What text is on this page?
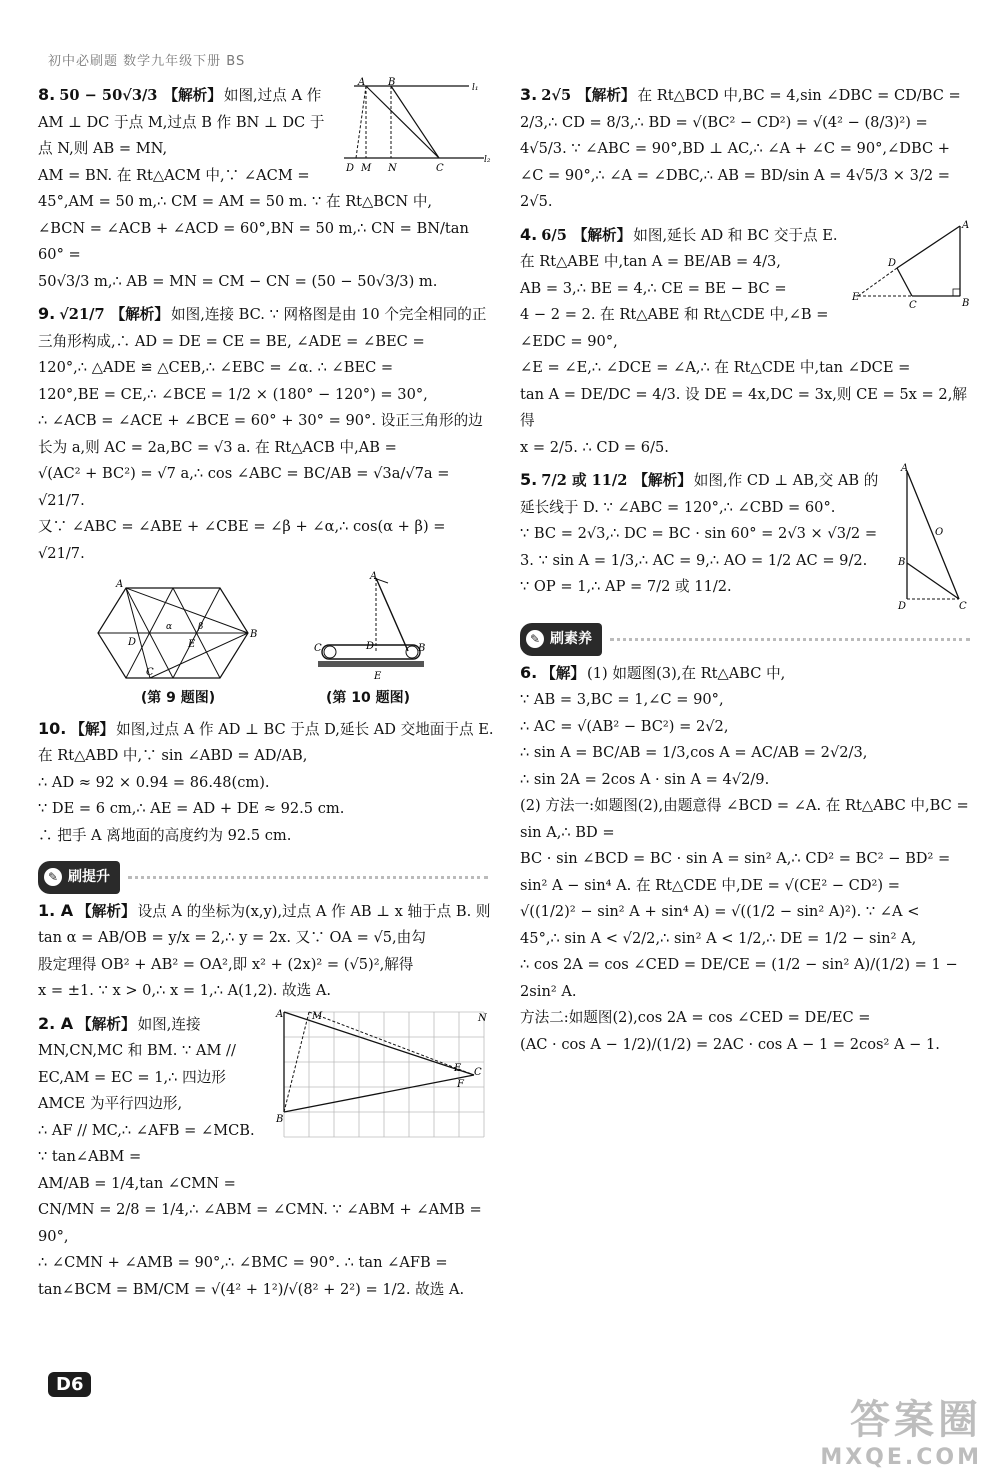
初中必刷题 数学九年级下册 BS
A B
D M N	C
l₁
l₂
8. 50 − 50√3/3 【解析】 如图,过点 A 作 AM ⊥ DC 于点 M,过点 B 作 BN ⊥ DC 于点 N,则 AB = MN,
AM = BN. 在 Rt△ACM 中,∵ ∠ACM = 45°,AM = 50 m,∴ CM = AM = 50 m. ∵ 在 Rt△BCN 中,
∠BCN = ∠ACB + ∠ACD = 60°,BN = 50 m,∴ CN = BN/tan 60° =
50√3/3 m,∴ AB = MN = CM − CN = (50 − 50√3/3) m.
9. √21/7 【解析】 如图,连接 BC. ∵ 网格图是由 10 个完全相同的正三角形构成,∴ AD = DE = CE = BE, ∠ADE = ∠BEC =
120°,∴ △ADE ≌ △CEB,∴ ∠EBC = ∠α. ∴ ∠BEC =
120°,BE = CE,∴ ∠BCE = 1/2 × (180° − 120°) = 30°,
∴ ∠ACB = ∠ACE + ∠BCE = 60° + 30° = 90°. 设正三角形的边长为 a,则 AC = 2a,BC = √3 a. 在 Rt△ACB 中,AB =
√(AC² + BC²) = √7 a,∴ cos ∠ABC = BC/AB = √3a/√7a = √21/7.
又∵ ∠ABC = ∠ABE + ∠CBE = ∠β + ∠α,∴ cos(α + β) =
√21/7.
A
B
D	E
C
α	β
(第 9 题图)
A
D	B
C
E
(第 10 题图)
10. 【解】 如图,过点 A 作 AD ⊥ BC 于点 D,延长 AD 交地面于点 E.
在 Rt△ABD 中,∵ sin ∠ABD = AD/AB,
∴ AD ≈ 92 × 0.94 = 86.48(cm).
∵ DE = 6 cm,∴ AE = AD + DE ≈ 92.5 cm.
∴ 把手 A 离地面的高度约为 92.5 cm.
✎ 刷提升
1. A 【解析】 设点 A 的坐标为(x,y),过点 A 作 AB ⊥ x 轴于点 B. 则 tan α = AB/OB = y/x = 2,∴ y = 2x. 又∵ OA = √5,由勾
股定理得 OB² + AB² = OA²,即 x² + (2x)² = (√5)²,解得
x = ±1. ∵ x > 0,∴ x = 1,∴ A(1,2). 故选 A.
A	M
B
E C
F
N
2. A 【解析】 如图,连接 MN,CN,MC 和 BM. ∵ AM // EC,AM = EC = 1,∴ 四边形 AMCE 为平行四边形,
∴ AF // MC,∴ ∠AFB = ∠MCB. ∵ tan∠ABM =
AM/AB = 1/4,tan ∠CMN =
CN/MN = 2/8 = 1/4,∴ ∠ABM = ∠CMN. ∵ ∠ABM + ∠AMB = 90°,
∴ ∠CMN + ∠AMB = 90°,∴ ∠BMC = 90°. ∴ tan ∠AFB =
tan∠BCM = BM/CM = √(4² + 1²)/√(8² + 2²) = 1/2. 故选 A.
3. 2√5 【解析】 在 Rt△BCD 中,BC = 4,sin ∠DBC = CD/BC =
2/3,∴ CD = 8/3,∴ BD = √(BC² − CD²) = √(4² − (8/3)²) =
4√5/3. ∵ ∠ABC = 90°,BD ⊥ AC,∴ ∠A + ∠C = 90°,∠DBC +
∠C = 90°,∴ ∠A = ∠DBC,∴ AB = BD/sin A = 4√5/3 × 3/2 = 2√5.
A
D
C
E
B
4. 6/5 【解析】 如图,延长 AD 和 BC 交于点 E. 在 Rt△ABE 中,tan A = BE/AB = 4/3,
AB = 3,∴ BE = 4,∴ CE = BE − BC =
4 − 2 = 2. 在 Rt△ABE 和 Rt△CDE 中,∠B = ∠EDC = 90°,
∠E = ∠E,∴ ∠DCE = ∠A,∴ 在 Rt△CDE 中,tan ∠DCE =
tan A = DE/DC = 4/3. 设 DE = 4x,DC = 3x,则 CE = 5x = 2,解得
x = 2/5. ∴ CD = 6/5.
A
O
B
D	C
5. 7/2 或 11/2 【解析】 如图,作 CD ⊥ AB,交 AB 的延长线于 D. ∵ ∠ABC = 120°,∴ ∠CBD = 60°.
∵ BC = 2√3,∴ DC = BC · sin 60° = 2√3 × √3/2 =
3. ∵ sin A = 1/3,∴ AC = 9,∴ AO = 1/2 AC = 9/2.
∵ OP = 1,∴ AP = 7/2 或 11/2.
✎ 刷素养
6. 【解】 (1) 如题图(3),在 Rt△ABC 中,
∵ AB = 3,BC = 1,∠C = 90°,
∴ AC = √(AB² − BC²) = 2√2,
∴ sin A = BC/AB = 1/3,cos A = AC/AB = 2√2/3,
∴ sin 2A = 2cos A · sin A = 4√2/9.
(2) 方法一:如题图(2),由题意得 ∠BCD = ∠A. 在 Rt△ABC 中,BC = sin A,∴ BD =
BC · sin ∠BCD = BC · sin A = sin² A,∴ CD² = BC² − BD² =
sin² A − sin⁴ A. 在 Rt△CDE 中,DE = √(CE² − CD²) =
√((1/2)² − sin² A + sin⁴ A) = √((1/2 − sin² A)²). ∵ ∠A <
45°,∴ sin A < √2/2,∴ sin² A < 1/2,∴ DE = 1/2 − sin² A,
∴ cos 2A = cos ∠CED = DE/CE = (1/2 − sin² A)/(1/2) = 1 − 2sin² A.
方法二:如题图(2),cos 2A = cos ∠CED = DE/EC =
(AC · cos A − 1/2)/(1/2) = 2AC · cos A − 1 = 2cos² A − 1.
D6
答案圈
MXQE.COM
